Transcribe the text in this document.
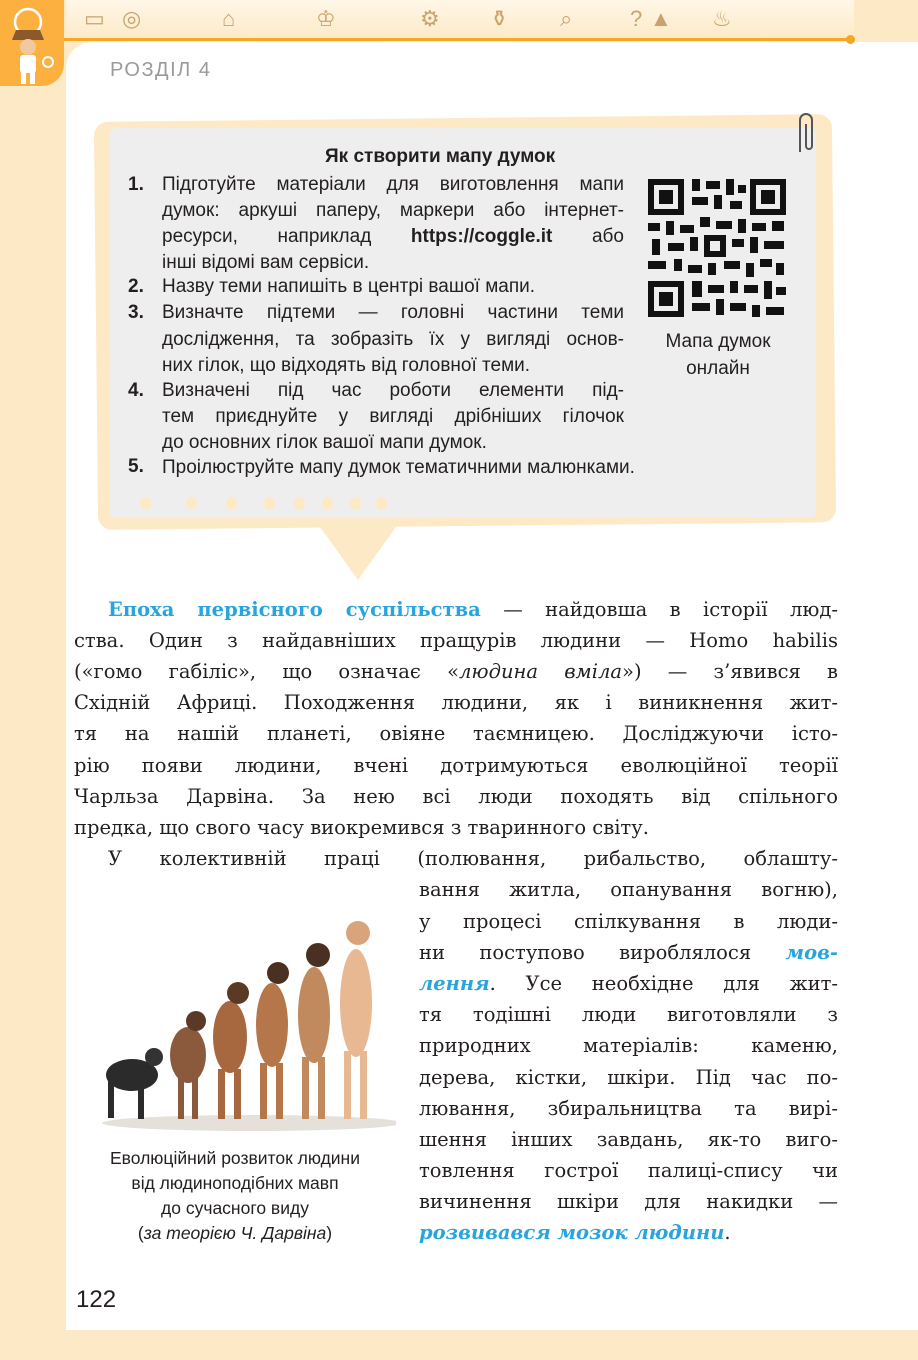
▭ ◎	⌂	♔	⚙ ⚱ ⌕	? ▲ ♨
РОЗДІЛ 4
Як створити мапу думок
1.
2.
3.
4.
5.
Підготуйте матеріали для виготовлення мапи
думок: аркуші паперу, маркери або інтернет-
ресурси, наприклад https://coggle.it або
інші відомі вам сервіси.
Назву теми напишіть в центрі вашої мапи.
Визначте підтеми — головні частини теми
дослідження, та зобразіть їх у вигляді основ-
них гілок, що відходять від головної теми.
Визначені під час роботи елементи під-
тем приєднуйте у вигляді дрібніших гілочок
до основних гілок вашої мапи думок.
Проілюструйте мапу думок тематичними малюнками.
Мапа думок
онлайн
Епоха первісного суспільства — найдовша в історії люд-
ства. Один з найдавніших пращурів людини — Homo habilis
(«гомо габіліс», що означає «людина вміла») — з’явився в
Східній Африці. Походження людини, як і виникнення жит-
тя на нашій планеті, овіяне таємницею. Досліджуючи істо-
рію появи людини, вчені дотримуються еволюційної теорії
Чарльза Дарвіна. За нею всі люди походять від спільного
предка, що свого часу виокремився з тваринного світу.
У колективній праці (полювання, рибальство, облашту-
вання житла, опанування вогню),
у процесі спілкування в люди-
ни поступово вироблялося мов-
лення. Усе необхідне для жит-
тя тодішні люди виготовляли з
природних матеріалів: каменю,
дерева, кістки, шкіри. Під час по-
лювання, збиральництва та вирі-
шення інших завдань, як-то виго-
товлення гострої палиці-спису чи
вичинення шкіри для накидки —
розвивався мозок людини.
Еволюційний розвиток людини
від людиноподібних мавп
до сучасного виду
(за теорією Ч. Дарвіна)
122
